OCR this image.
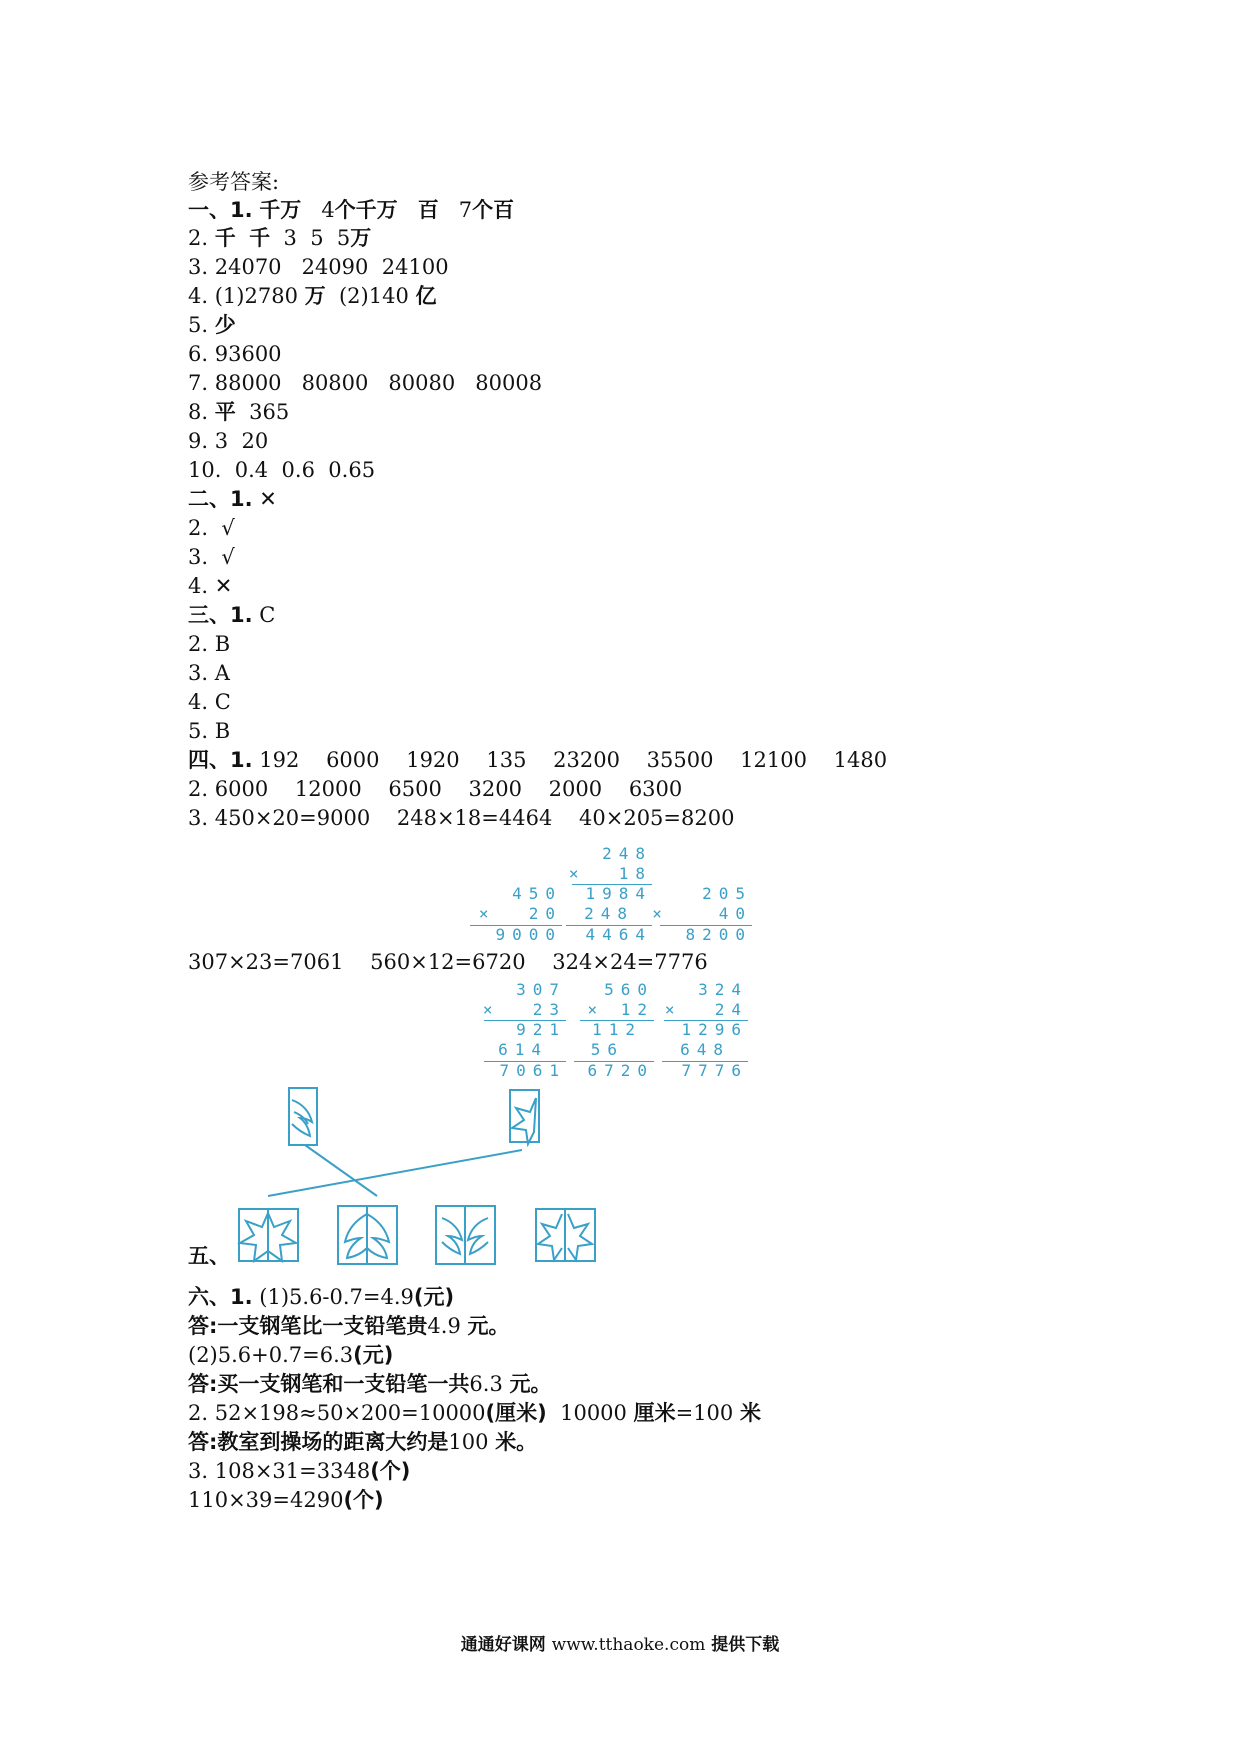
参考答案:
一、1. 千万 4个千万 百 7个百
2. 千 千 3 5 5万
3. 24070 24090 24100
4. (1)2780 万 (2)140 亿
5. 少
6. 93600
7. 88000 80800 80080 80008
8. 平 365
9. 3 20
10. 0.4 0.6 0.65
二、1. ✕
2. √
3. √
4. ✕
三、1. C
2. B
3. A
4. C
5. B
四、1. 192    6000    1920    135    23200    35500    12100    1480
2. 6000    12000    6500    3200    2000    6300
3. 450×20=9000    248×18=4464    40×205=8200
450
×  20
9000
248
×  18
1984
248
4464
205
×   40
8200
307×23=7061    560×12=6720    324×24=7776
307
×  23
921
614
7061
560
× 12
112
56
6720
324
×  24
1296
648
7776
五、
六、1. (1)5.6-0.7=4.9(元)
答:一支钢笔比一支铅笔贵4.9 元。
(2)5.6+0.7=6.3(元)
答:买一支钢笔和一支铅笔一共6.3 元。
2. 52×198≈50×200=10000(厘米) 10000 厘米=100 米
答:教室到操场的距离大约是100 米。
3. 108×31=3348(个)
110×39=4290(个)
通通好课网 www.tthaoke.com 提供下载
